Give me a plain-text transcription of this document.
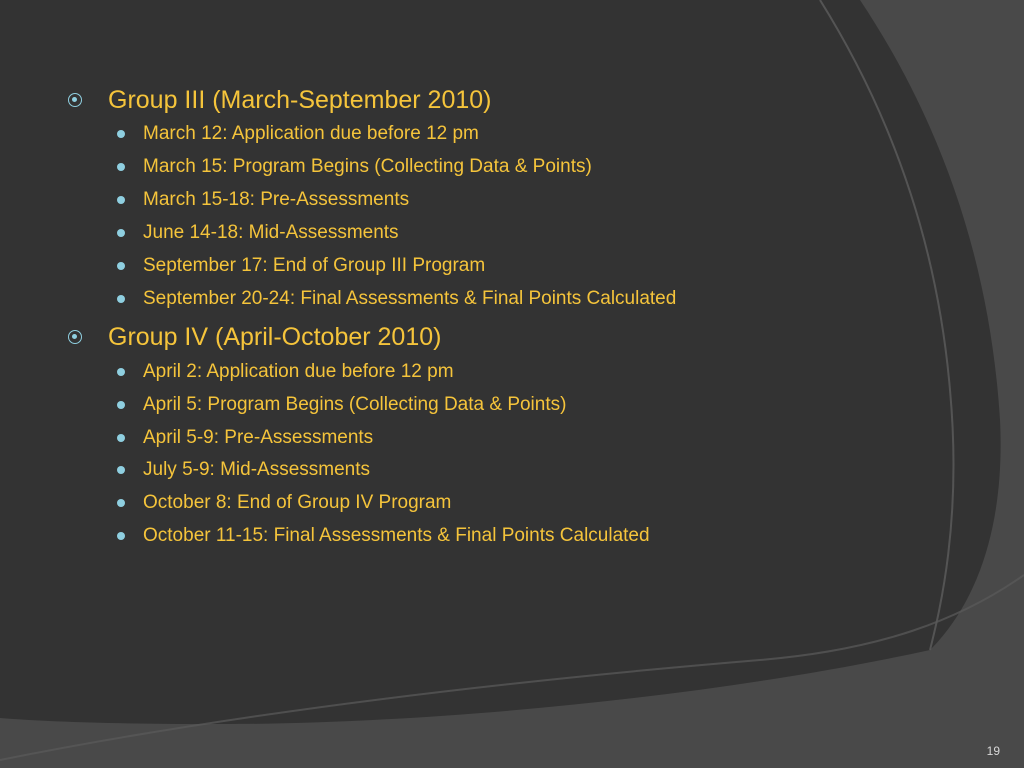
Group III (March-September 2010)
March 12: Application due before 12 pm
March 15: Program Begins (Collecting Data & Points)
March 15-18: Pre-Assessments
June 14-18: Mid-Assessments
September 17: End of Group III Program
September 20-24: Final Assessments & Final Points Calculated
Group IV (April-October 2010)
April 2: Application due before 12 pm
April 5: Program Begins (Collecting Data & Points)
April 5-9: Pre-Assessments
July 5-9: Mid-Assessments
October 8: End of Group IV Program
October 11-15: Final Assessments & Final Points Calculated
19
